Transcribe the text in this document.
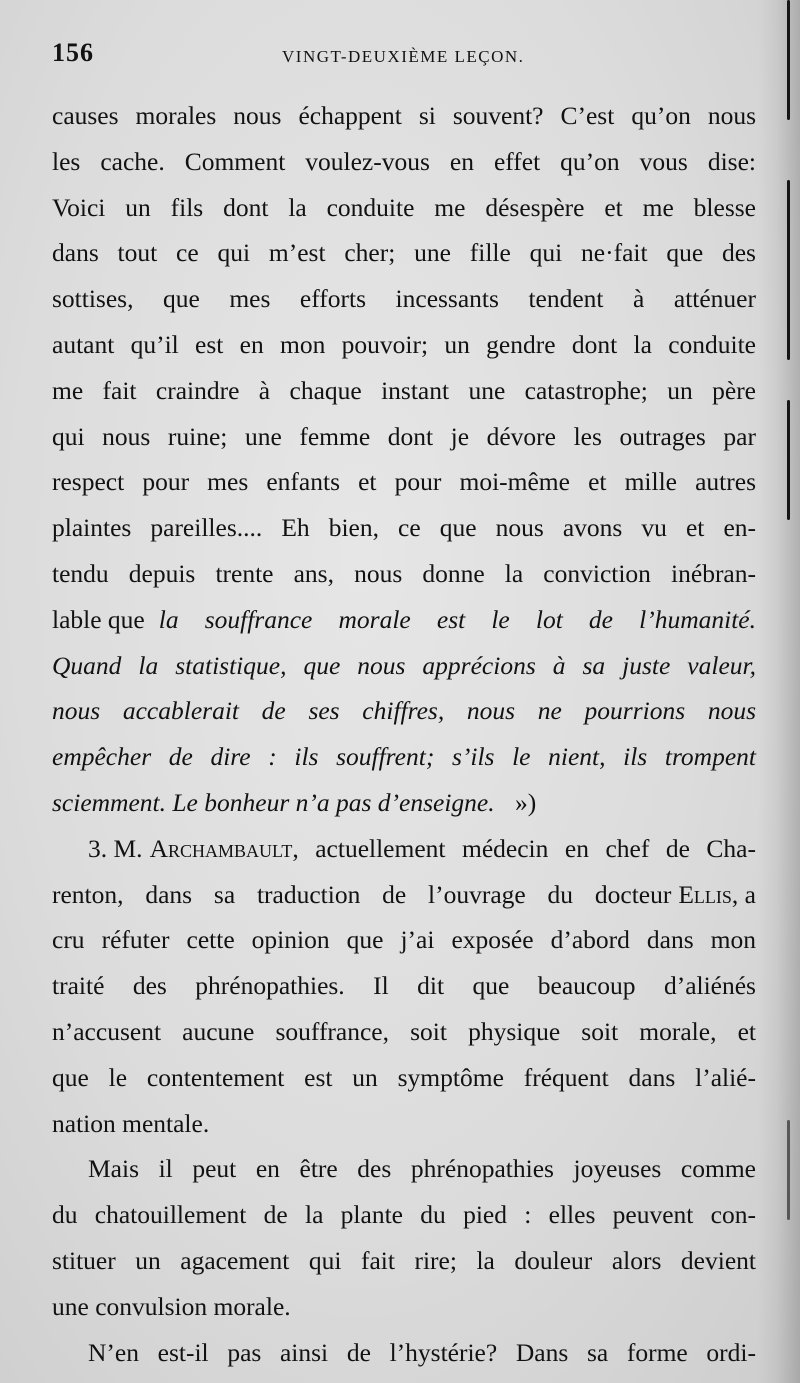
156	VINGT-DEUXIÈME LEÇON.
causes morales nous échappent si souvent? C’est qu’on nous
les cache. Comment voulez-vous en effet qu’on vous dise:
Voici un fils dont la conduite me désespère et me blesse
dans tout ce qui m’est cher; une fille qui ne·fait que des
sottises, que mes efforts incessants tendent à atténuer
autant qu’il est en mon pouvoir; un gendre dont la conduite
me fait craindre à chaque instant une catastrophe; un père
qui nous ruine; une femme dont je dévore les outrages par
respect pour mes enfants et pour moi-même et mille autres
plaintes pareilles.... Eh bien, ce que nous avons vu et en-
tendu depuis trente ans, nous donne la conviction inébran-
lable que la souffrance morale est le lot de l’humanité.
Quand la statistique, que nous apprécions à sa juste valeur,
nous accablerait de ses chiffres, nous ne pourrions nous
empêcher de dire : ils souffrent; s’ils le nient, ils trompent
sciemment. Le bonheur n’a pas d’enseigne. »)
3. M. Archambault , actuellement médecin en chef de Cha-
renton, dans sa traduction de l’ouvrage du docteur Ellis , a
cru réfuter cette opinion que j’ai exposée d’abord dans mon
traité des phrénopathies. Il dit que beaucoup d’aliénés
n’accusent aucune souffrance, soit physique soit morale, et
que le contentement est un symptôme fréquent dans l’alié-
nation mentale.
Mais il peut en être des phrénopathies joyeuses comme
du chatouillement de la plante du pied : elles peuvent con-
stituer un agacement qui fait rire; la douleur alors devient
une convulsion morale.
N’en est-il pas ainsi de l’hystérie? Dans sa forme ordi-
